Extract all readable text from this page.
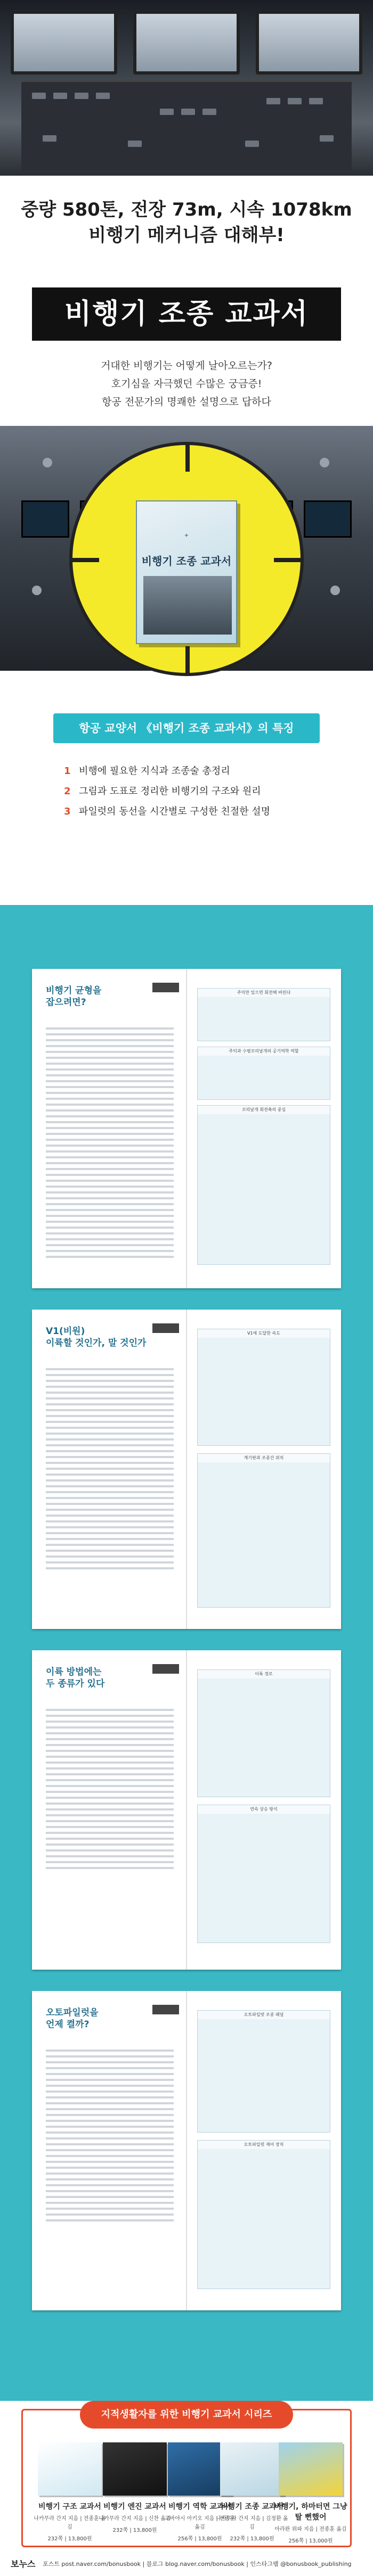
중량 580톤, 전장 73m, 시속 1078km
비행기 메커니즘 대해부!
비행기 조종 교과서
거대한 비행기는 어떻게 날아오르는가?
호기심을 자극했던 수많은 궁금증!
항공 전문가의 명쾌한 설명으로 답하다
✈
비행기 조종 교과서
항공 교양서 《비행기 조종 교과서》의 특징
1 비행에 필요한 지식과 조종술 총정리
2 그림과 도표로 정리한 비행기의 구조와 원리
3 파일럿의 동선을 시간별로 구성한 친절한 설명
비행기 균형을
잡으려면?
주익만 있으면 회전해 버린다
주익과 수평꼬리날개의 공기역학 역할
꼬리날개 회전축의 중심
V1(비원)
이륙할 것인가, 말 것인가
V1에 도달한 속도
계기판과 조종간 위치
이륙 방법에는
두 종류가 있다
이륙 경로
연속 상승 방식
오토파일럿을
언제 켤까?
오토파일럿 조종 패널
오토파일럿 제어 장치
비행기 구조 교과서
나카무라 간지 지음 | 전종훈 옮김
232쪽 | 13,800원
비행기 엔진 교과서
나카무라 간지 지음 | 신찬 옮김
232쪽 | 13,800원
비행기 역학 교과서
고바야시 아키오 지음 | 전종훈 옮김
256쪽 | 13,800원
비행기 조종 교과서
나카무라 간지 지음 | 김정환 옮김
232쪽 | 13,800원
비행기, 하마터면 그냥 탈 뻔했어
아라완 위파 지음 | 전종훈 옮김
256쪽 | 13,000원
지적생활자를 위한 비행기 교과서 시리즈
보누스 포스트 post.naver.com/bonusbook | 블로그 blog.naver.com/bonusbook | 인스타그램 @bonusbook_publishing
